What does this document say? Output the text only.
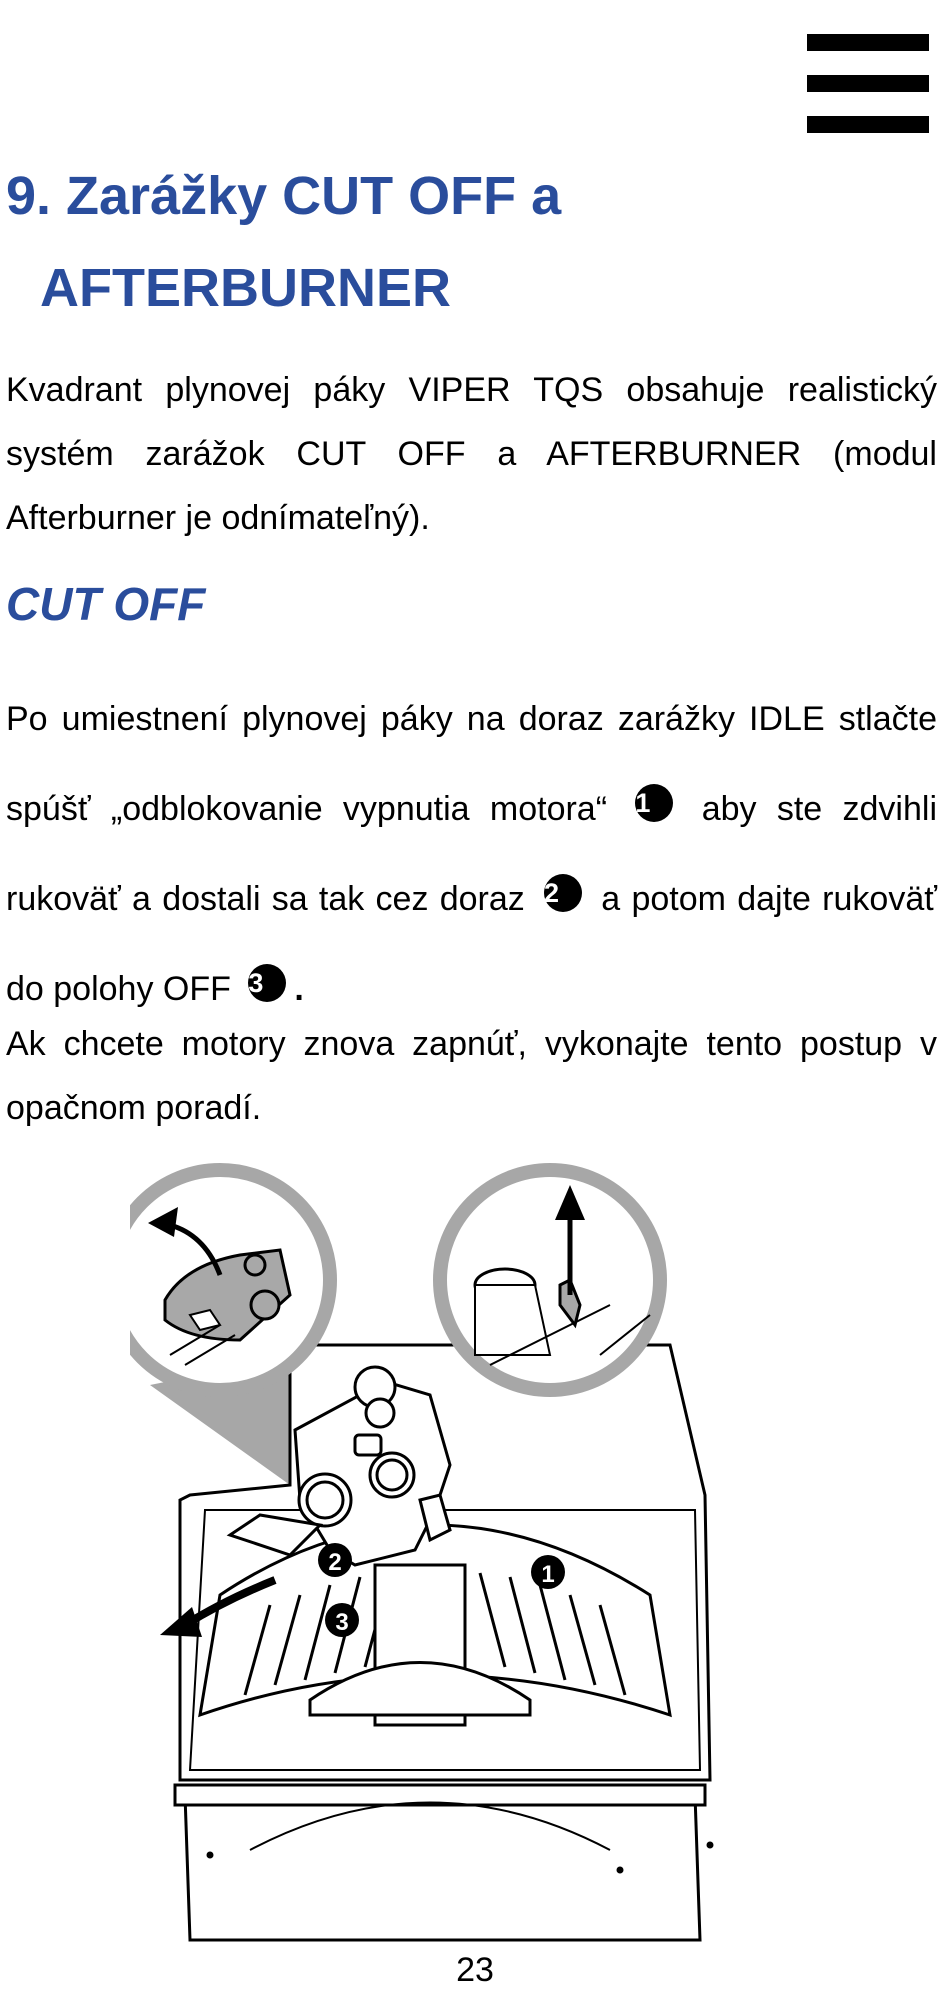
9. Zarážky CUT OFF a
AFTERBURNER

Kvadrant plynovej páky VIPER TQS obsahuje realistický systém zarážok CUT OFF a AFTERBURNER (modul Afterburner je odnímateľný).

CUT OFF

Po umiestnení plynovej páky na doraz zarážky IDLE stlačte spúšť „odblokovanie vypnutia motora“ 1 aby ste zdvihli rukoväť a dostali sa tak cez doraz 2 a potom dajte rukoväť do polohy OFF 3 .

Ak chcete motory znova zapnúť, vykonajte tento postup v opačnom poradí.

2
3
1
23
